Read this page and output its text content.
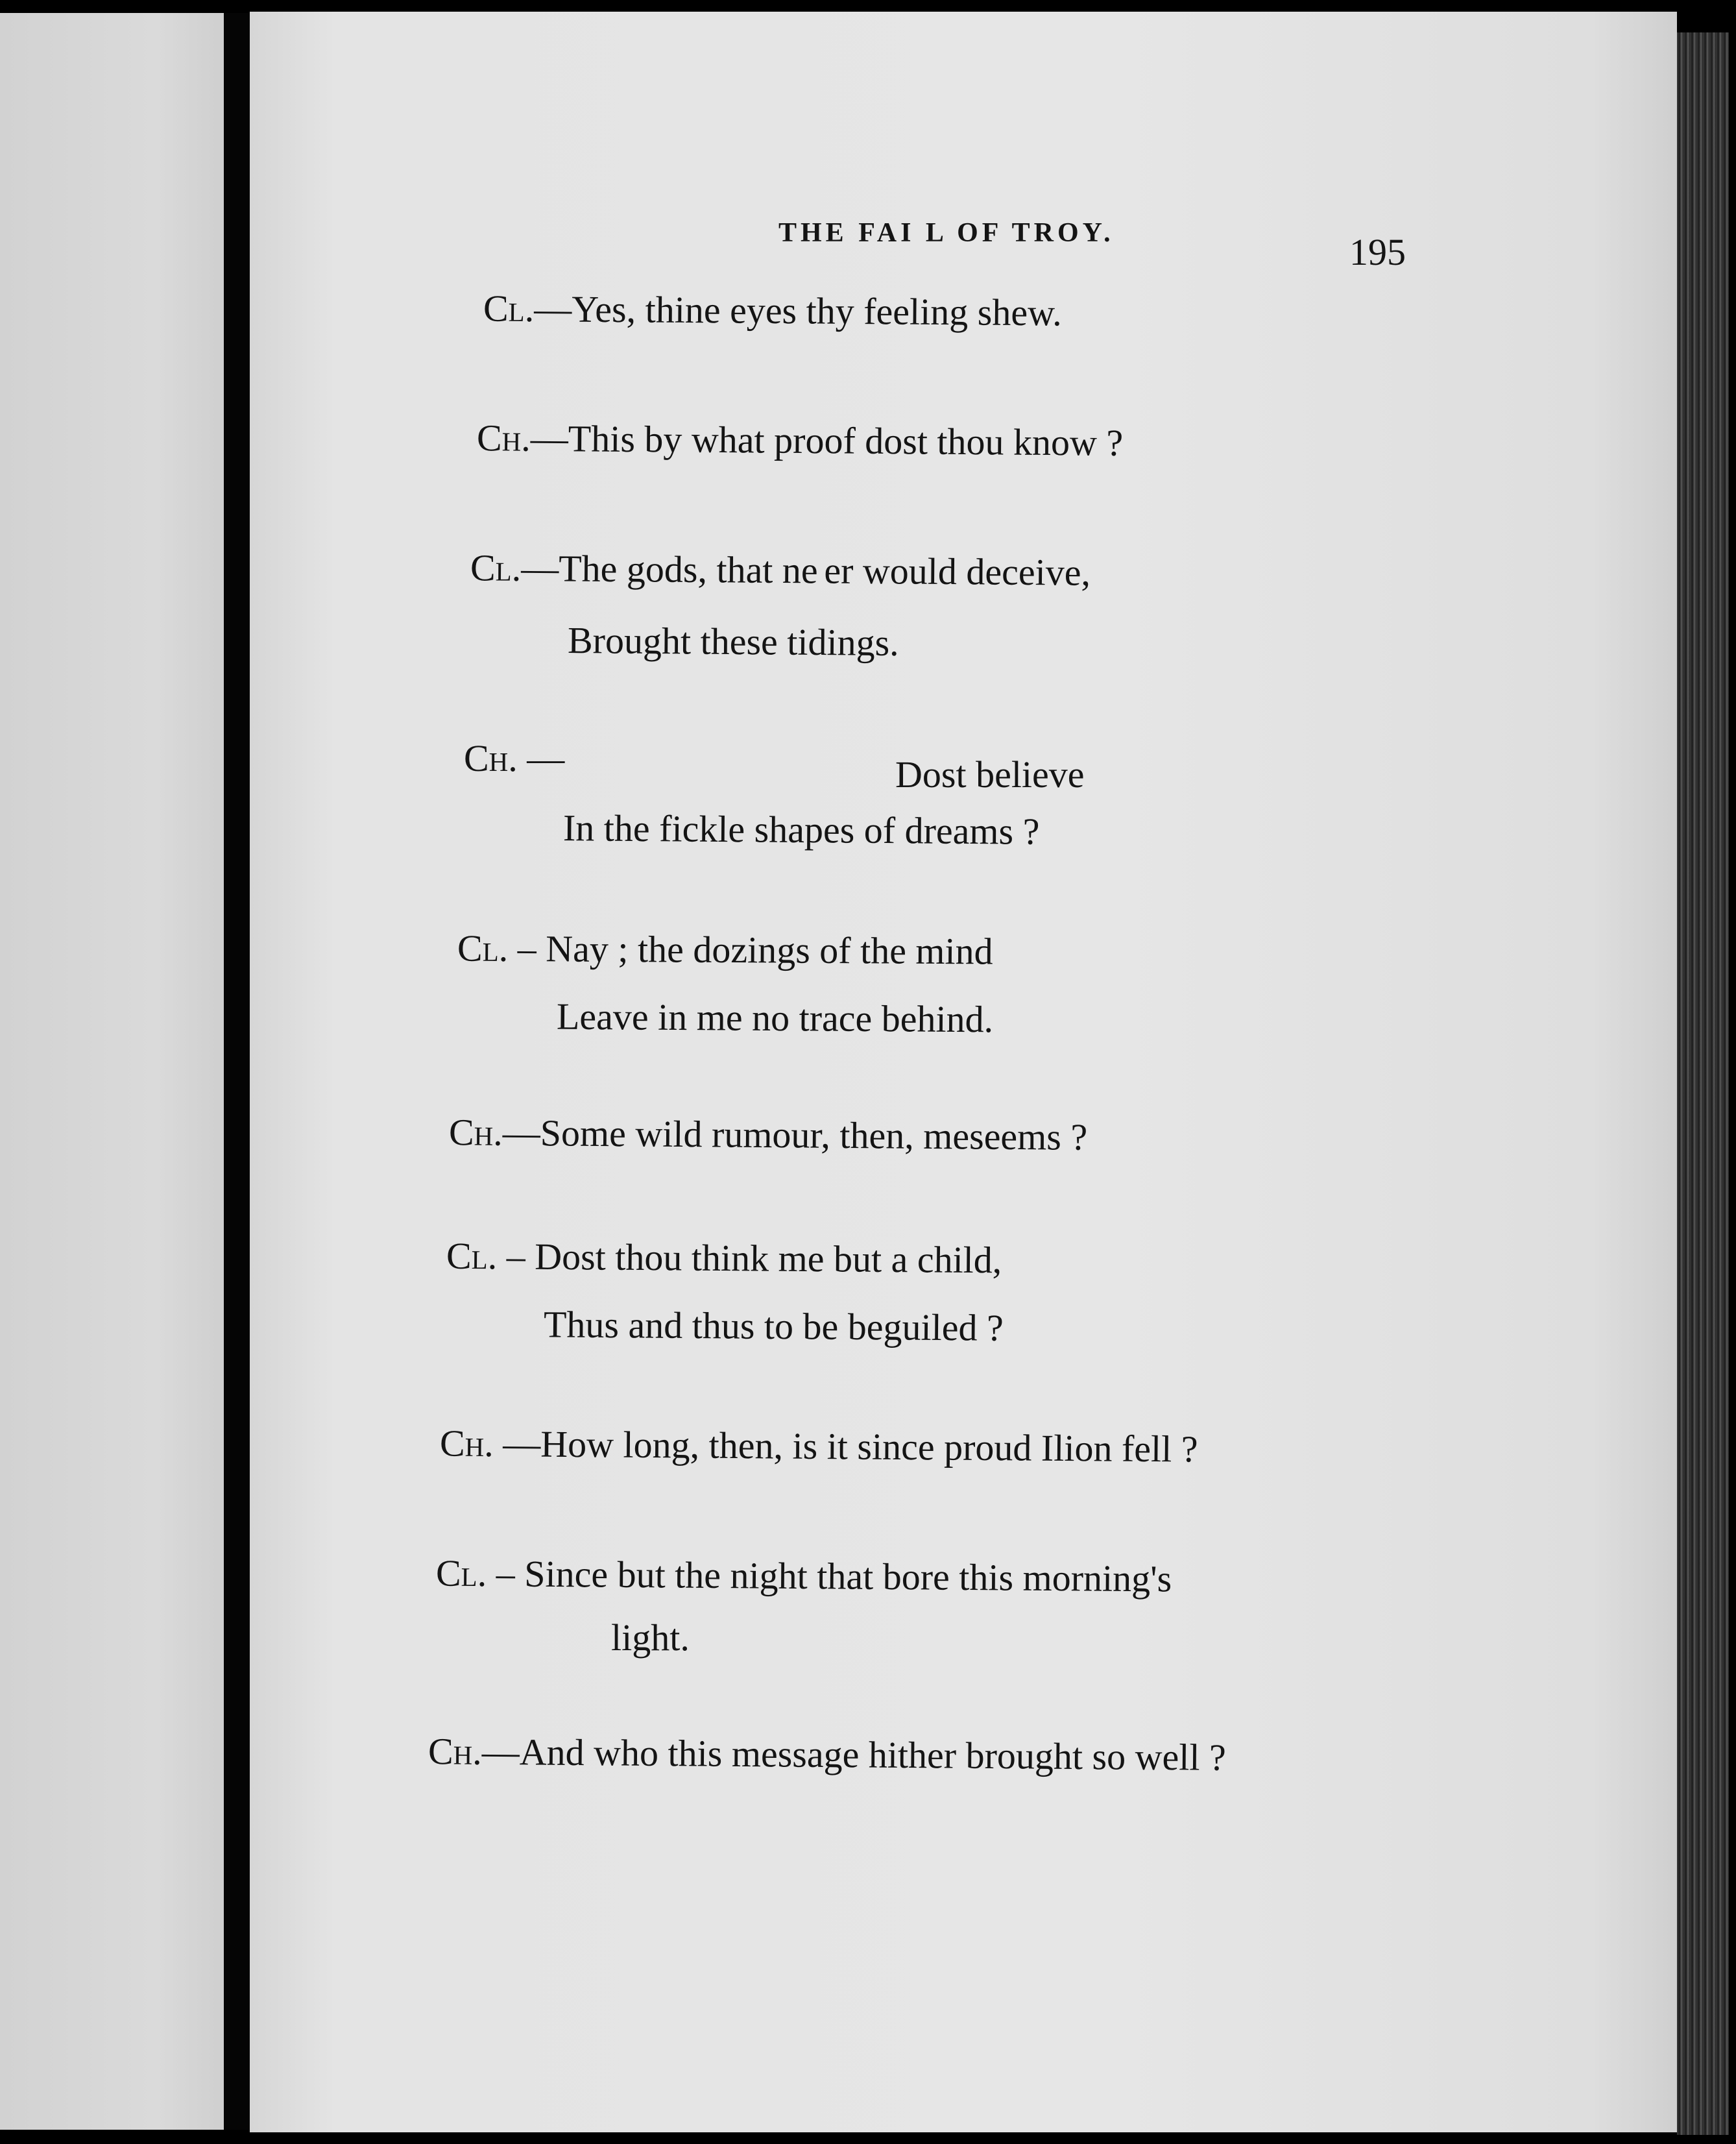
THE FAI L OF TROY.	195
Cl.—Yes, thine eyes thy feeling shew.
Ch.—This by what proof dost thou know ?
Cl.—The gods, that ne  er would deceive,
Brought these tidings.
Ch. —	Dost believe
In the fickle shapes of dreams ?
Cl. – Nay ; the dozings of the mind
Leave in me no trace behind.
Ch.—Some wild rumour, then, meseems ?
Cl. – Dost thou think me but a child,
Thus and thus to be beguiled ?
Ch. —How long, then, is it since proud Ilion fell ?
Cl. – Since but the night that bore this morning's
light.
Ch.—And who this message hither brought so well ?
